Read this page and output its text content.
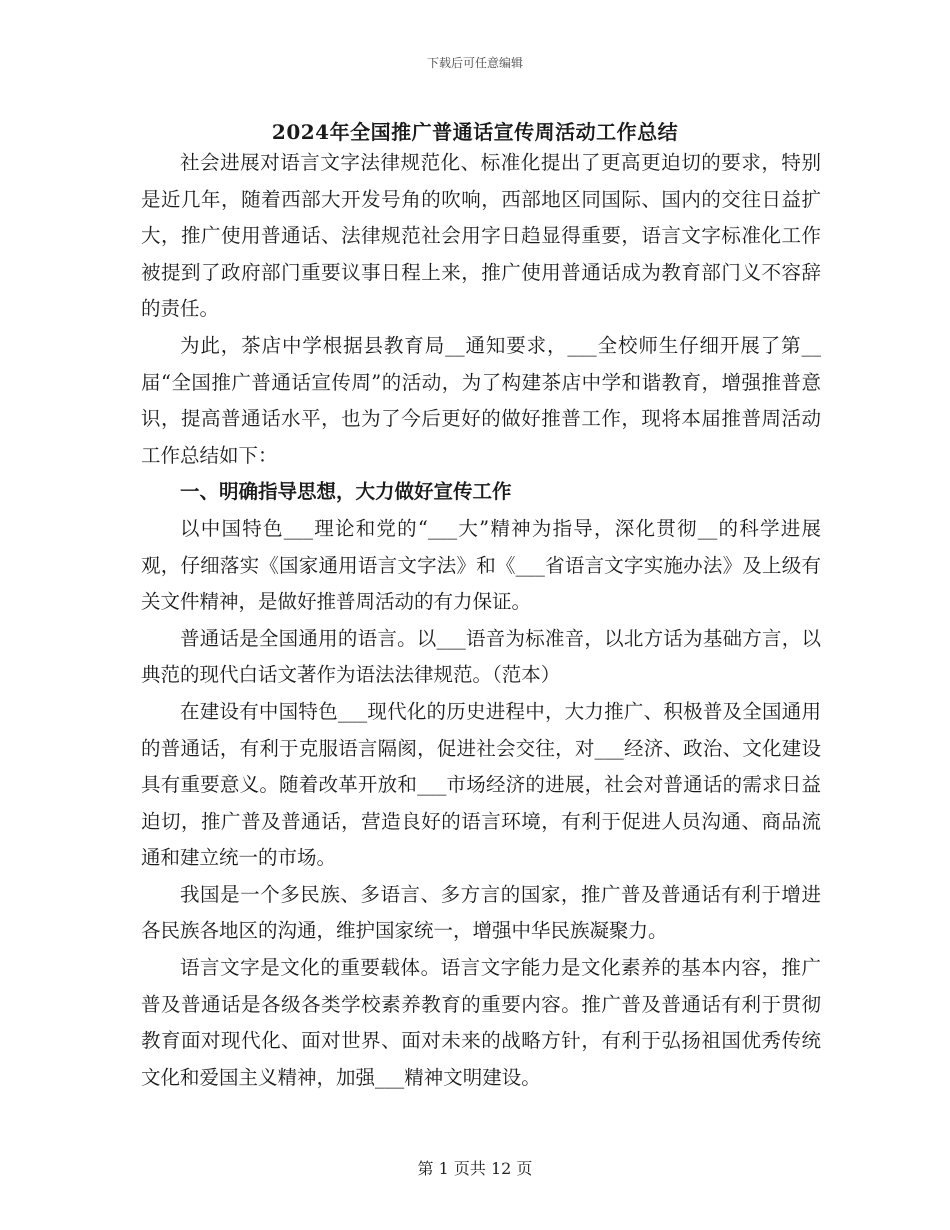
下载后可任意编辑
2024年全国推广普通话宣传周活动工作总结

社会进展对语言文字法律规范化、标准化提出了更高更迫切的要求，特别是近几年，随着西部大开发号角的吹响，西部地区同国际、国内的交往日益扩大，推广使用普通话、法律规范社会用字日趋显得重要，语言文字标准化工作被提到了政府部门重要议事日程上来，推广使用普通话成为教育部门义不容辞的责任。

为此，茶店中学根据县教育局__通知要求，___全校师生仔细开展了第__届“全国推广普通话宣传周”的活动，为了构建茶店中学和谐教育，增强推普意识，提高普通话水平，也为了今后更好的做好推普工作，现将本届推普周活动工作总结如下：

一、明确指导思想，大力做好宣传工作

以中国特色___理论和党的“___大”精神为指导，深化贯彻__的科学进展观，仔细落实《国家通用语言文字法》和《___省语言文字实施办法》及上级有关文件精神，是做好推普周活动的有力保证。

普通话是全国通用的语言。以___语音为标准音，以北方话为基础方言，以典范的现代白话文著作为语法法律规范。（范本）

在建设有中国特色___现代化的历史进程中，大力推广、积极普及全国通用的普通话，有利于克服语言隔阂，促进社会交往，对___经济、政治、文化建设具有重要意义。随着改革开放和___市场经济的进展，社会对普通话的需求日益迫切，推广普及普通话，营造良好的语言环境，有利于促进人员沟通、商品流通和建立统一的市场。

我国是一个多民族、多语言、多方言的国家，推广普及普通话有利于增进各民族各地区的沟通，维护国家统一，增强中华民族凝聚力。

语言文字是文化的重要载体。语言文字能力是文化素养的基本内容，推广普及普通话是各级各类学校素养教育的重要内容。推广普及普通话有利于贯彻教育面对现代化、面对世界、面对未来的战略方针，有利于弘扬祖国优秀传统文化和爱国主义精神，加强___精神文明建设。

第 1 页共 12 页
